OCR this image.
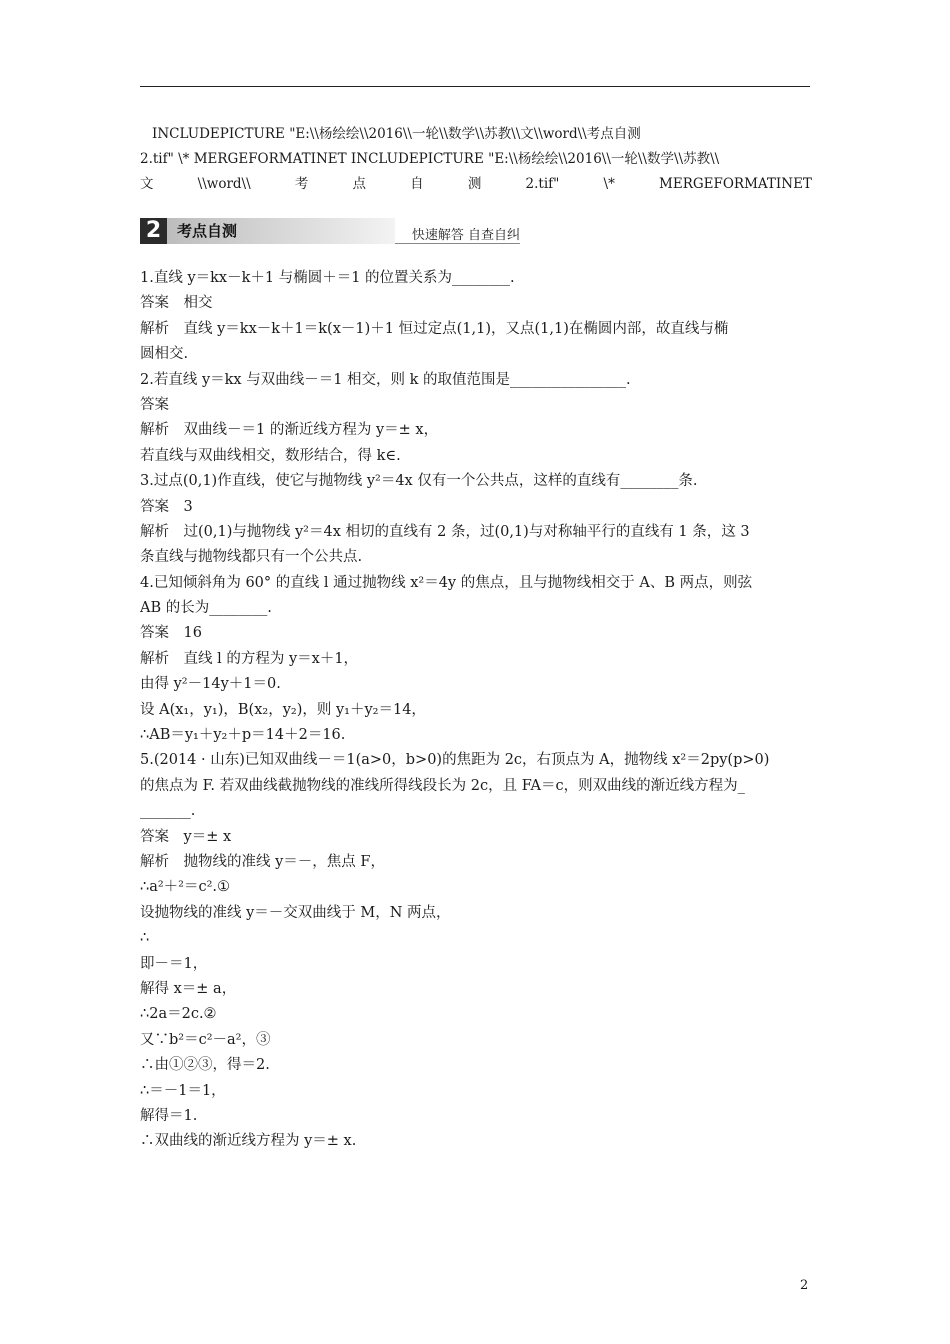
INCLUDEPICTURE "E:\\杨绘绘\\2016\\一轮\\数学\\苏教\\文\\word\\考点自测
2.tif" \* MERGEFORMATINET INCLUDEPICTURE "E:\\杨绘绘\\2016\\一轮\\数学\\苏教\\
文	\\word\\	考	点	自	测	2.tif"	\*	MERGEFORMATINET
2	考点自测	快速解答 自查自纠
1.直线 y＝kx－k＋1 与椭圆＋＝1 的位置关系为________.
答案　相交
解析　直线 y＝kx－k＋1＝k(x－1)＋1 恒过定点(1,1)，又点(1,1)在椭圆内部，故直线与椭
圆相交.
2.若直线 y＝kx 与双曲线－＝1 相交，则 k 的取值范围是________________.
答案
解析　双曲线－＝1 的渐近线方程为 y＝± x，
若直线与双曲线相交，数形结合，得 k∈.
3.过点(0,1)作直线，使它与抛物线 y²＝4x 仅有一个公共点，这样的直线有________条.
答案　3
解析　过(0,1)与抛物线 y²＝4x 相切的直线有 2 条，过(0,1)与对称轴平行的直线有 1 条，这 3
条直线与抛物线都只有一个公共点.
4.已知倾斜角为 60° 的直线 l 通过抛物线 x²＝4y 的焦点，且与抛物线相交于 A、B 两点，则弦
AB 的长为________.
答案　16
解析　直线 l 的方程为 y＝x＋1，
由得 y²－14y＋1＝0.
设 A(x₁，y₁)，B(x₂，y₂)，则 y₁＋y₂＝14，
∴AB＝y₁＋y₂＋p＝14＋2＝16.
5.(2014 · 山东)已知双曲线－＝1(a>0，b>0)的焦距为 2c，右顶点为 A，抛物线 x²＝2py(p>0)
的焦点为 F. 若双曲线截抛物线的准线所得线段长为 2c，且 FA＝c，则双曲线的渐近线方程为_
_______.
答案　y＝± x
解析　抛物线的准线 y＝－，焦点 F，
∴a²＋²＝c².①
设抛物线的准线 y＝－交双曲线于 M，N 两点，
∴
即－＝1，
解得 x＝± a，
∴2a＝2c.②
又∵b²＝c²－a²，③
∴由①②③，得＝2.
∴＝－1＝1，
解得＝1.
∴双曲线的渐近线方程为 y＝± x.
2
